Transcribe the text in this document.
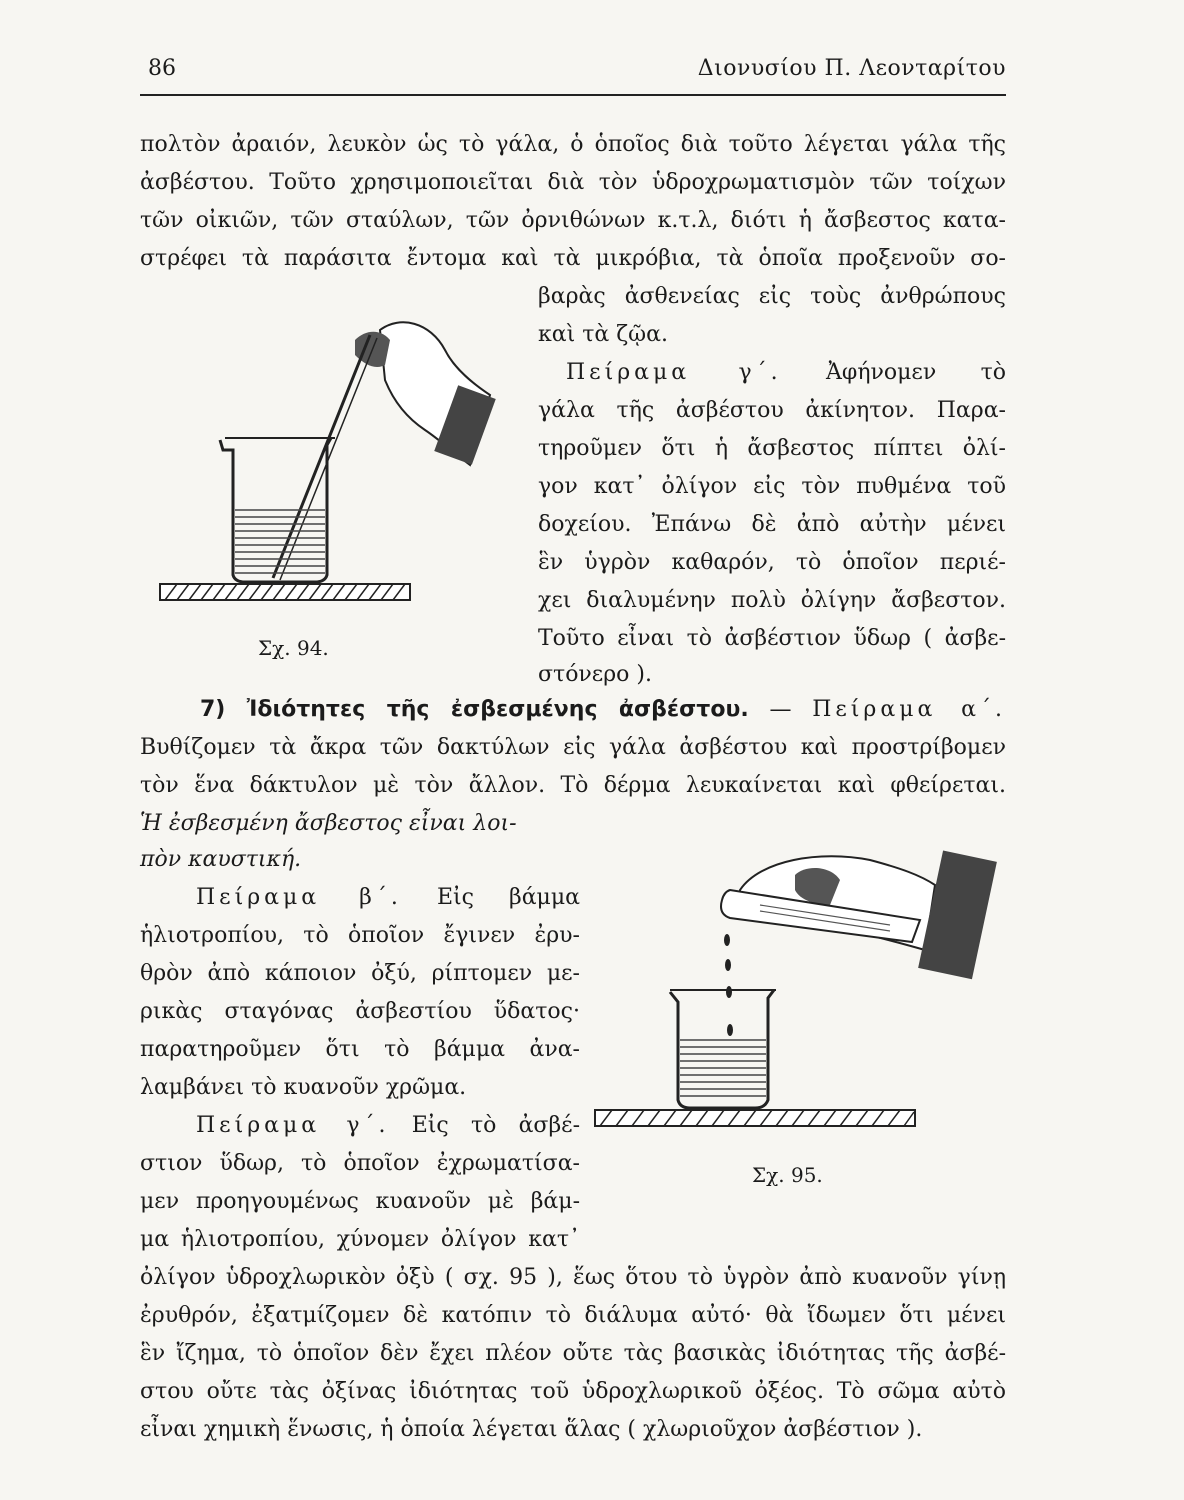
86	Διονυσίου Π. Λεονταρίτου
πολτὸν ἀραιόν, λευκὸν ὡς τὸ γάλα, ὁ ὁποῖος διὰ τοῦτο λέγεται γάλα τῆς
ἀσβέστου. Τοῦτο χρησιμοποιεῖται διὰ τὸν ὑδροχρωματισμὸν τῶν τοίχων
τῶν οἰκιῶν, τῶν σταύλων, τῶν ὀρνιθώνων κ.τ.λ, διότι ἡ ἄσβεστος κατα-
στρέφει τὰ παράσιτα ἔντομα καὶ τὰ μικρόβια, τὰ ὁποῖα προξενοῦν σο-
βαρὰς ἀσθενείας εἰς τοὺς ἀνθρώπους
καὶ τὰ ζῷα.
Πείραμα γ΄. Ἀφήνομεν τὸ
γάλα τῆς ἀσβέστου ἀκίνητον. Παρα-
τηροῦμεν ὅτι ἡ ἄσβεστος πίπτει ὀλί-
γον κατ᾽ ὀλίγον εἰς τὸν πυθμένα τοῦ
δοχείου. Ἐπάνω δὲ ἀπὸ αὐτὴν μένει
ἓν ὑγρὸν καθαρόν, τὸ ὁποῖον περιέ-
χει διαλυμένην πολὺ ὀλίγην ἄσβεστον.
Τοῦτο εἶναι τὸ ἀσβέστιον ὕδωρ ( ἀσβε-
στόνερο ).
Σχ. 94.
7) Ἰδιότητες τῆς ἐσβεσμένης ἀσβέστου. — Πείραμα α΄.
Βυθίζομεν τὰ ἄκρα τῶν δακτύλων εἰς γάλα ἀσβέστου καὶ προστρίβομεν
τὸν ἕνα δάκτυλον μὲ τὸν ἄλλον. Τὸ δέρμα λευκαίνεται καὶ φθείρεται.
Ἡ ἐσβεσμένη ἄσβεστος εἶναι λοι-
πὸν καυστική.
Πείραμα β΄. Εἰς βάμμα
ἡλιοτροπίου, τὸ ὁποῖον ἔγινεν ἐρυ-
θρὸν ἀπὸ κάποιον ὀξύ, ρίπτομεν με-
ρικὰς σταγόνας ἀσβεστίου ὕδατος·
παρατηροῦμεν ὅτι τὸ βάμμα ἀνα-
λαμβάνει τὸ κυανοῦν χρῶμα.
Πείραμα γ΄. Εἰς τὸ ἀσβέ-
στιον ὕδωρ, τὸ ὁποῖον ἐχρωματίσα-
μεν προηγουμένως κυανοῦν μὲ βάμ-
μα ἡλιοτροπίου, χύνομεν ὀλίγον κατ᾽
ὀλίγον ὑδροχλωρικὸν ὀξὺ ( σχ. 95 ), ἕως ὅτου τὸ ὑγρὸν ἀπὸ κυανοῦν γίνῃ
ἐρυθρόν, ἐξατμίζομεν δὲ κατόπιν τὸ διάλυμα αὐτό· θὰ ἴδωμεν ὅτι μένει
ἓν ἴζημα, τὸ ὁποῖον δὲν ἔχει πλέον οὔτε τὰς βασικὰς ἰδιότητας τῆς ἀσβέ-
στου οὔτε τὰς ὀξίνας ἰδιότητας τοῦ ὑδροχλωρικοῦ ὀξέος. Τὸ σῶμα αὐτὸ
εἶναι χημικὴ ἕνωσις, ἡ ὁποία λέγεται ἅλας ( χλωριοῦχον ἀσβέστιον ).
Σχ. 95.
